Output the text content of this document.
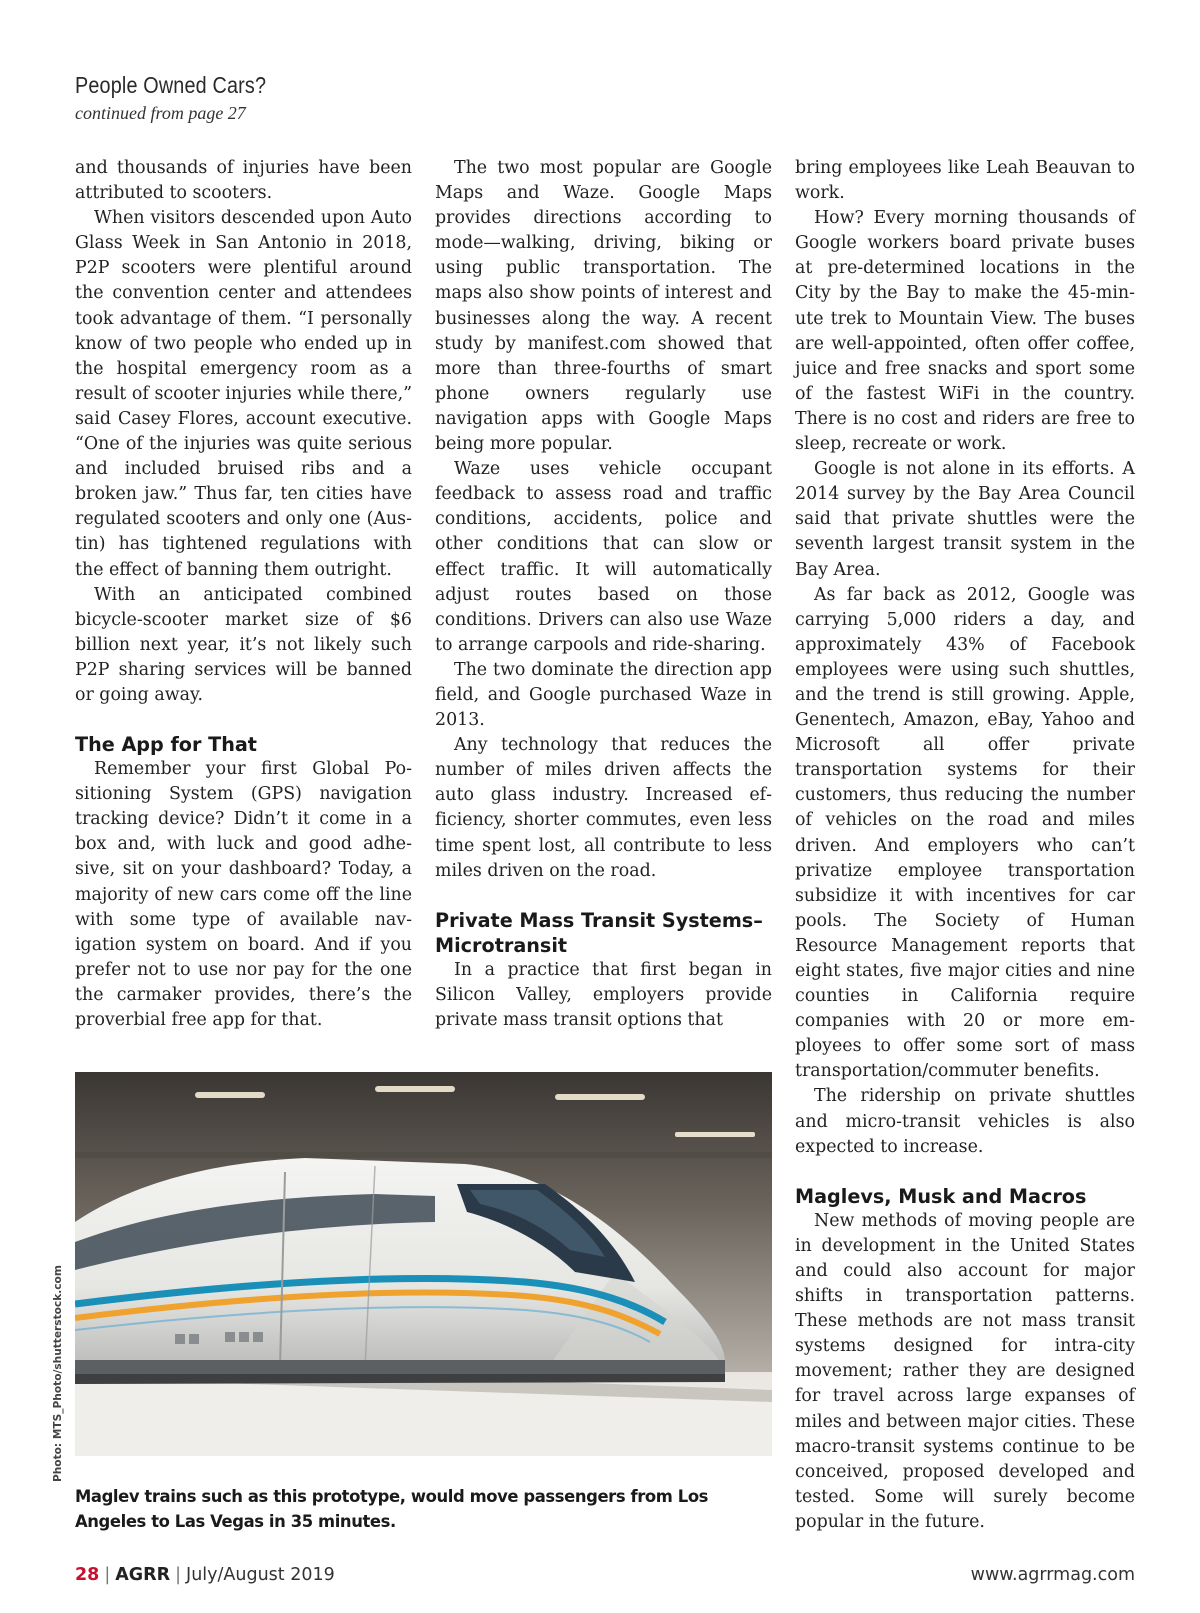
People Owned Cars?
continued from page 27

and thousands of injuries have been attributed to scooters.

When visitors descended upon Auto Glass Week in San Antonio in 2018, P2P scooters were plentiful around the convention center and attendees took advantage of them. “I personally know of two people who ended up in the hospital emergency room as a result of scooter injuries while there,” said Casey Flores, account executive. “One of the injuries was quite serious and included bruised ribs and a broken jaw.” Thus far, ten cities have regulated scooters and only one (Austin) has tightened regulations with the effect of banning them outright.

With an anticipated combined bicycle-scooter market size of $6 billion next year, it’s not likely such P2P sharing services will be banned or going away.

The App for That

Remember your first Global Positioning System (GPS) navigation tracking device? Didn’t it come in a box and, with luck and good adhesive, sit on your dashboard? Today, a majority of new cars come off the line with some type of available navigation system on board. And if you prefer not to use nor pay for the one the carmaker provides, there’s the proverbial free app for that.

The two most popular are Google Maps and Waze. Google Maps provides directions according to mode—walking, driving, biking or using public transportation. The maps also show points of interest and businesses along the way. A recent study by manifest.com showed that more than three-fourths of smart phone owners regularly use navigation apps with Google Maps being more popular.

Waze uses vehicle occupant feedback to assess road and traffic conditions, accidents, police and other conditions that can slow or effect traffic. It will automatically adjust routes based on those conditions. Drivers can also use Waze to arrange carpools and ride-sharing.

The two dominate the direction app field, and Google purchased Waze in 2013.

Any technology that reduces the number of miles driven affects the auto glass industry. Increased efficiency, shorter commutes, even less time spent lost, all contribute to less miles driven on the road.

Private Mass Transit Systems–Microtransit

In a practice that first began in Silicon Valley, employers provide private mass transit options that

bring employees like Leah Beauvan to work.

How? Every morning thousands of Google workers board private buses at pre-determined locations in the City by the Bay to make the 45-minute trek to Mountain View. The buses are well-appointed, often offer coffee, juice and free snacks and sport some of the fastest WiFi in the country. There is no cost and riders are free to sleep, recreate or work.

Google is not alone in its efforts. A 2014 survey by the Bay Area Council said that private shuttles were the seventh largest transit system in the Bay Area.

As far back as 2012, Google was carrying 5,000 riders a day, and approximately 43% of Facebook employees were using such shuttles, and the trend is still growing. Apple, Genentech, Amazon, eBay, Yahoo and Microsoft all offer private transportation systems for their customers, thus reducing the number of vehicles on the road and miles driven. And employers who can’t privatize employee transportation subsidize it with incentives for car pools. The Society of Human Resource Management reports that eight states, five major cities and nine counties in California require companies with 20 or more employees to offer some sort of mass transportation/commuter benefits.

The ridership on private shuttles and micro-transit vehicles is also expected to increase.

Maglevs, Musk and Macros

New methods of moving people are in development in the United States and could also account for major shifts in transportation patterns. These methods are not mass transit systems designed for intra-city movement; rather they are designed for travel across large expanses of miles and between major cities. These macro-transit systems continue to be conceived, proposed developed and tested. Some will surely become popular in the future.

Photo: MTS_Photo/shutterstock.com
Maglev trains such as this prototype, would move passengers from Los Angeles to Las Vegas in 35 minutes.
28 | AGRR | July/August 2019	www.agrrmag.com
